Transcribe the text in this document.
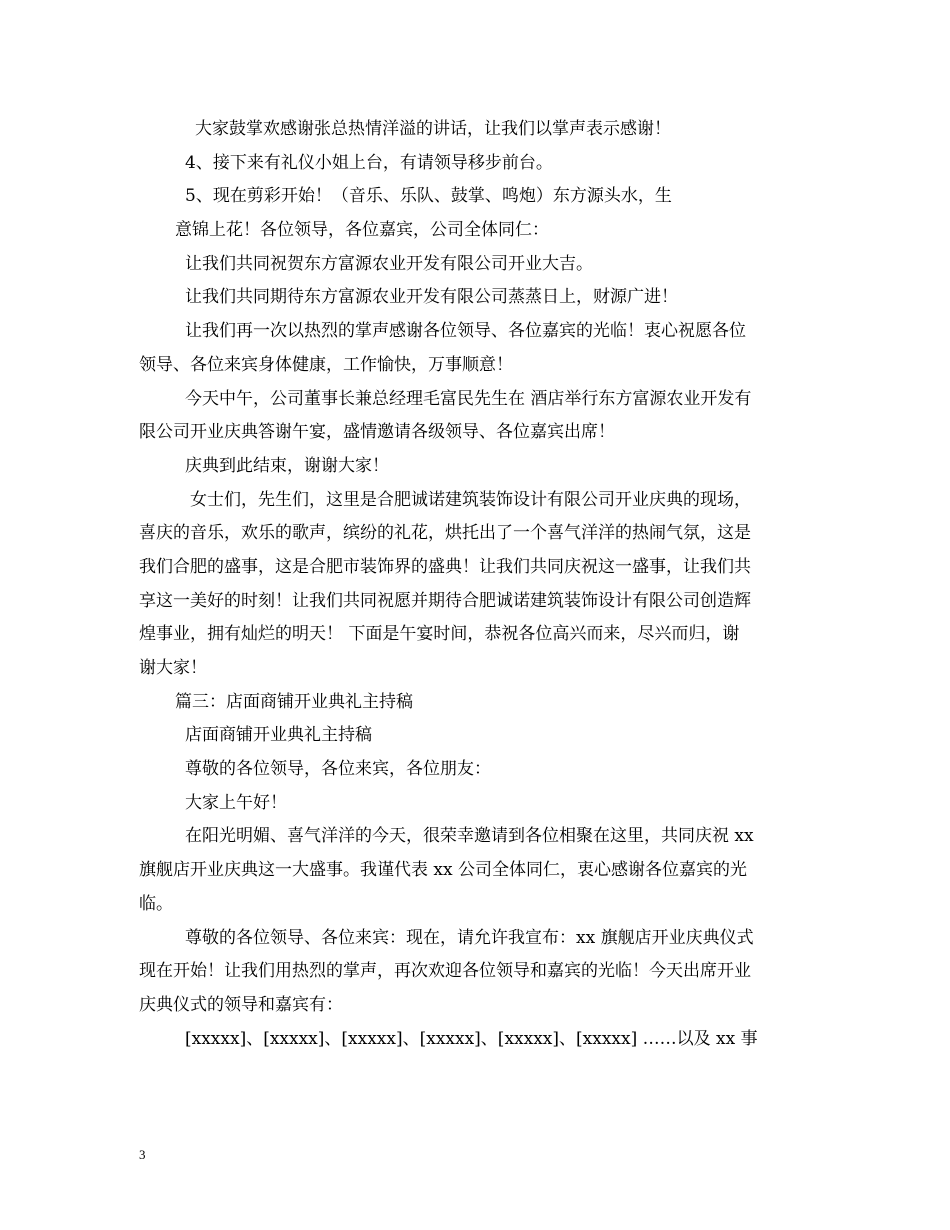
大家鼓掌欢感谢张总热情洋溢的讲话，让我们以掌声表示感谢！
4、接下来有礼仪小姐上台，有请领导移步前台。
5、现在剪彩开始！（音乐、乐队、鼓掌、鸣炮）东方源头水，生
意锦上花！各位领导，各位嘉宾，公司全体同仁：
让我们共同祝贺东方富源农业开发有限公司开业大吉。
让我们共同期待东方富源农业开发有限公司蒸蒸日上，财源广进！
让我们再一次以热烈的掌声感谢各位领导、各位嘉宾的光临！衷心祝愿各位
领导、各位来宾身体健康，工作愉快，万事顺意！
今天中午，公司董事长兼总经理毛富民先生在 酒店举行东方富源农业开发有
限公司开业庆典答谢午宴，盛情邀请各级领导、各位嘉宾出席！
庆典到此结束，谢谢大家！
女士们，先生们，这里是合肥诚诺建筑装饰设计有限公司开业庆典的现场，
喜庆的音乐，欢乐的歌声，缤纷的礼花，烘托出了一个喜气洋洋的热闹气氛，这是
我们合肥的盛事，这是合肥市装饰界的盛典！让我们共同庆祝这一盛事，让我们共
享这一美好的时刻！让我们共同祝愿并期待合肥诚诺建筑装饰设计有限公司创造辉
煌事业，拥有灿烂的明天！ 下面是午宴时间，恭祝各位高兴而来，尽兴而归，谢
谢大家！
篇三：店面商铺开业典礼主持稿
店面商铺开业典礼主持稿
尊敬的各位领导，各位来宾，各位朋友：
大家上午好！
在阳光明媚、喜气洋洋的今天，很荣幸邀请到各位相聚在这里，共同庆祝 xx
旗舰店开业庆典这一大盛事。我谨代表 xx 公司全体同仁，衷心感谢各位嘉宾的光
临。
尊敬的各位领导、各位来宾：现在，请允许我宣布：xx 旗舰店开业庆典仪式
现在开始！让我们用热烈的掌声，再次欢迎各位领导和嘉宾的光临！今天出席开业
庆典仪式的领导和嘉宾有：
[xxxxx]、[xxxxx]、[xxxxx]、[xxxxx]、[xxxxx]、[xxxxx] ……以及 xx 事
3
